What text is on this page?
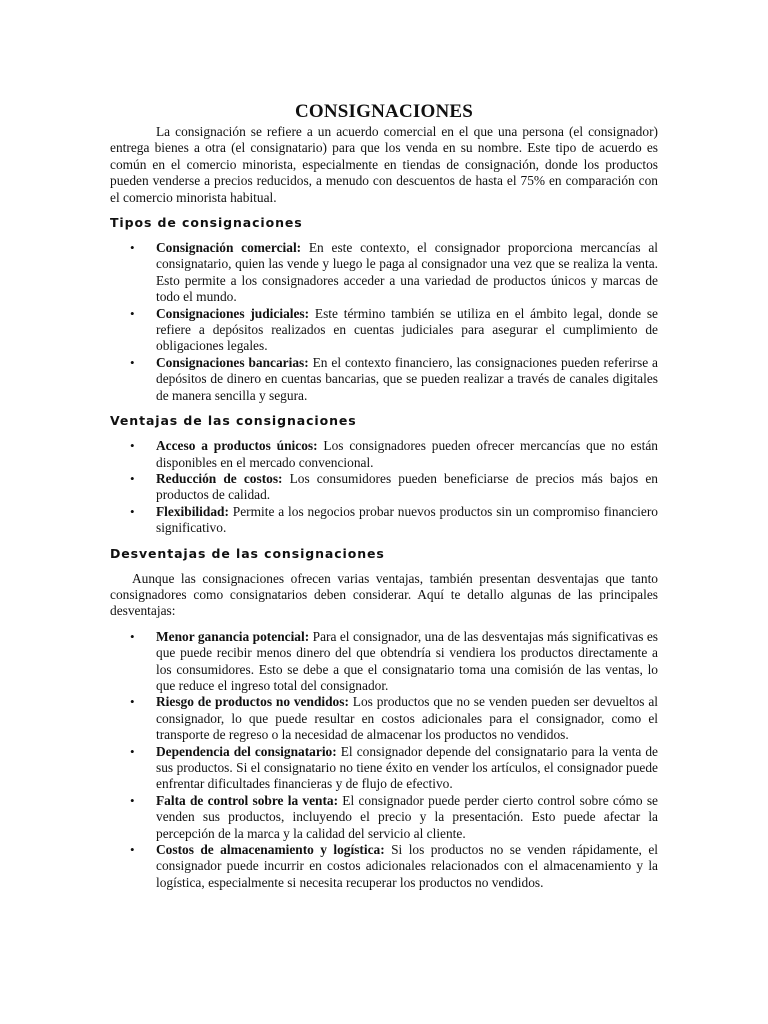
CONSIGNACIONES

La consignación se refiere a un acuerdo comercial en el que una persona (el consignador) entrega bienes a otra (el consignatario) para que los venda en su nombre. Este tipo de acuerdo es común en el comercio minorista, especialmente en tiendas de consignación, donde los productos pueden venderse a precios reducidos, a menudo con descuentos de hasta el 75% en comparación con el comercio minorista habitual.

Tipos de consignaciones
• Consignación comercial: En este contexto, el consignador proporciona mercancías al consignatario, quien las vende y luego le paga al consignador una vez que se realiza la venta. Esto permite a los consignadores acceder a una variedad de productos únicos y marcas de todo el mundo.
• Consignaciones judiciales: Este término también se utiliza en el ámbito legal, donde se refiere a depósitos realizados en cuentas judiciales para asegurar el cumplimiento de obligaciones legales.
• Consignaciones bancarias: En el contexto financiero, las consignaciones pueden referirse a depósitos de dinero en cuentas bancarias, que se pueden realizar a través de canales digitales de manera sencilla y segura.
Ventajas de las consignaciones
• Acceso a productos únicos: Los consignadores pueden ofrecer mercancías que no están disponibles en el mercado convencional.
• Reducción de costos: Los consumidores pueden beneficiarse de precios más bajos en productos de calidad.
• Flexibilidad: Permite a los negocios probar nuevos productos sin un compromiso financiero significativo.
Desventajas de las consignaciones

Aunque las consignaciones ofrecen varias ventajas, también presentan desventajas que tanto consignadores como consignatarios deben considerar. Aquí te detallo algunas de las principales desventajas:

• Menor ganancia potencial: Para el consignador, una de las desventajas más significativas es que puede recibir menos dinero del que obtendría si vendiera los productos directamente a los consumidores. Esto se debe a que el consignatario toma una comisión de las ventas, lo que reduce el ingreso total del consignador.
• Riesgo de productos no vendidos: Los productos que no se venden pueden ser devueltos al consignador, lo que puede resultar en costos adicionales para el consignador, como el transporte de regreso o la necesidad de almacenar los productos no vendidos.
• Dependencia del consignatario: El consignador depende del consignatario para la venta de sus productos. Si el consignatario no tiene éxito en vender los artículos, el consignador puede enfrentar dificultades financieras y de flujo de efectivo.
• Falta de control sobre la venta: El consignador puede perder cierto control sobre cómo se venden sus productos, incluyendo el precio y la presentación. Esto puede afectar la percepción de la marca y la calidad del servicio al cliente.
• Costos de almacenamiento y logística: Si los productos no se venden rápidamente, el consignador puede incurrir en costos adicionales relacionados con el almacenamiento y la logística, especialmente si necesita recuperar los productos no vendidos.
